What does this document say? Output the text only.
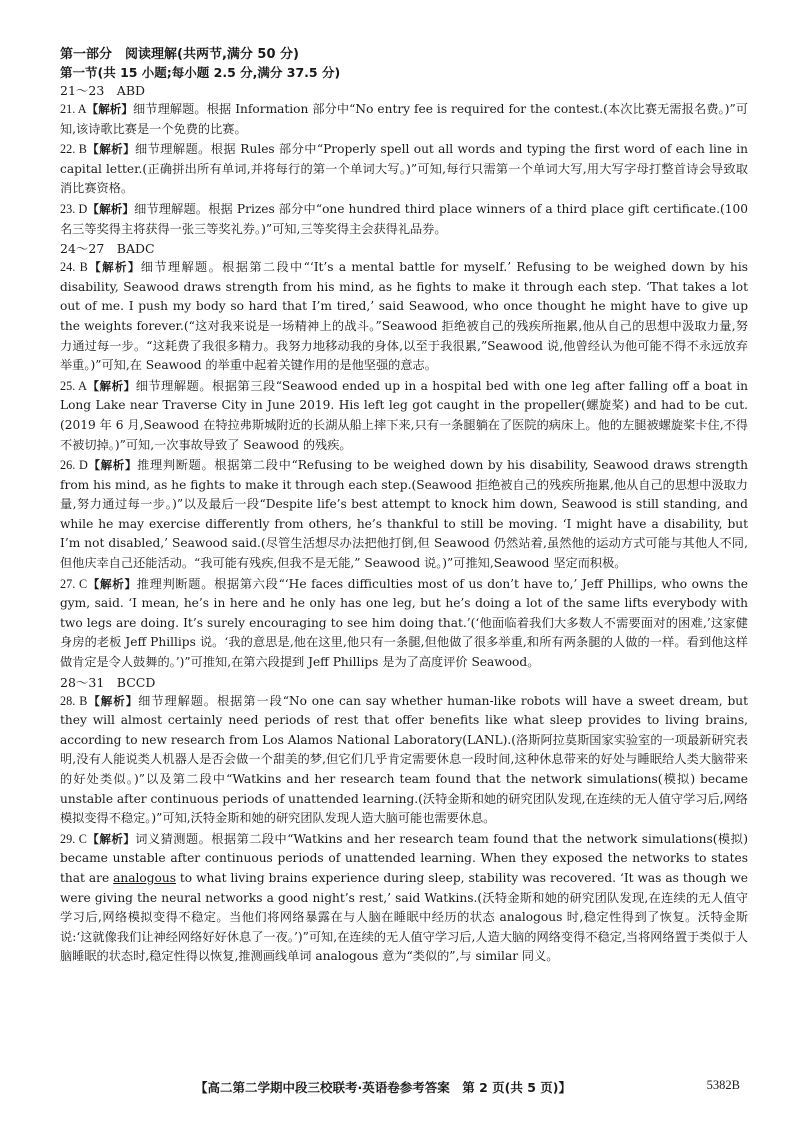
第一部分　阅读理解(共两节,满分 50 分)

第一节(共 15 小题;每小题 2.5 分,满分 37.5 分)

21～23　ABD

21. A【解析】细节理解题。根据 Information 部分中“No entry fee is required for the contest.(本次比赛无需报名费。)”可知,该诗歌比赛是一个免费的比赛。

22. B【解析】细节理解题。根据 Rules 部分中“Properly spell out all words and typing the first word of each line in capital letter.(正确拼出所有单词,并将每行的第一个单词大写。)”可知,每行只需第一个单词大写,用大写字母打整首诗会导致取消比赛资格。

23. D【解析】细节理解题。根据 Prizes 部分中“one hundred third place winners of a third place gift certificate.(100 名三等奖得主将获得一张三等奖礼券。)”可知,三等奖得主会获得礼品券。

24～27　BADC

24. B【解析】细节理解题。根据第二段中“‘It’s a mental battle for myself.’ Refusing to be weighed down by his disability, Seawood draws strength from his mind, as he fights to make it through each step. ‘That takes a lot out of me. I push my body so hard that I’m tired,’ said Seawood, who once thought he might have to give up the weights forever.(“这对我来说是一场精神上的战斗。”Seawood 拒绝被自己的残疾所拖累,他从自己的思想中汲取力量,努力通过每一步。“这耗费了我很多精力。我努力地移动我的身体,以至于我很累,”Seawood 说,他曾经认为他可能不得不永远放弃举重。)”可知,在 Seawood 的举重中起着关键作用的是他坚强的意志。

25. A【解析】细节理解题。根据第三段“Seawood ended up in a hospital bed with one leg after falling off a boat in Long Lake near Traverse City in June 2019. His left leg got caught in the propeller(螺旋桨) and had to be cut.(2019 年 6 月,Seawood 在特拉弗斯城附近的长湖从船上摔下来,只有一条腿躺在了医院的病床上。他的左腿被螺旋桨卡住,不得不被切掉。)”可知,一次事故导致了 Seawood 的残疾。

26. D【解析】推理判断题。根据第二段中“Refusing to be weighed down by his disability, Seawood draws strength from his mind, as he fights to make it through each step.(Seawood 拒绝被自己的残疾所拖累,他从自己的思想中汲取力量,努力通过每一步。)”以及最后一段“Despite life’s best attempt to knock him down, Seawood is still standing, and while he may exercise differently from others, he’s thankful to still be moving. ‘I might have a disability, but I’m not disabled,’ Seawood said.(尽管生活想尽办法把他打倒,但 Seawood 仍然站着,虽然他的运动方式可能与其他人不同,但他庆幸自己还能活动。“我可能有残疾,但我不是无能,” Seawood 说。)”可推知,Seawood 坚定而积极。

27. C【解析】推理判断题。根据第六段“‘He faces difficulties most of us don’t have to,’ Jeff Phillips, who owns the gym, said. ‘I mean, he’s in here and he only has one leg, but he’s doing a lot of the same lifts everybody with two legs are doing. It’s surely encouraging to see him doing that.’(‘他面临着我们大多数人不需要面对的困难,’这家健身房的老板 Jeff Phillips 说。‘我的意思是,他在这里,他只有一条腿,但他做了很多举重,和所有两条腿的人做的一样。看到他这样做肯定是令人鼓舞的。’)”可推知,在第六段提到 Jeff Phillips 是为了高度评价 Seawood。

28～31　BCCD

28. B【解析】细节理解题。根据第一段“No one can say whether human-like robots will have a sweet dream, but they will almost certainly need periods of rest that offer benefits like what sleep provides to living brains, according to new research from Los Alamos National Laboratory(LANL).(洛斯阿拉莫斯国家实验室的一项最新研究表明,没有人能说类人机器人是否会做一个甜美的梦,但它们几乎肯定需要休息一段时间,这种休息带来的好处与睡眠给人类大脑带来的好处类似。)”以及第二段中“Watkins and her research team found that the network simulations(模拟) became unstable after continuous periods of unattended learning.(沃特金斯和她的研究团队发现,在连续的无人值守学习后,网络模拟变得不稳定。)”可知,沃特金斯和她的研究团队发现人造大脑可能也需要休息。

29. C【解析】词义猜测题。根据第二段中“Watkins and her research team found that the network simulations(模拟) became unstable after continuous periods of unattended learning. When they exposed the networks to states that are analogous to what living brains experience during sleep, stability was recovered. ‘It was as though we were giving the neural networks a good night’s rest,’ said Watkins.(沃特金斯和她的研究团队发现,在连续的无人值守学习后,网络模拟变得不稳定。当他们将网络暴露在与人脑在睡眠中经历的状态 analogous 时,稳定性得到了恢复。沃特金斯说:‘这就像我们让神经网络好好休息了一夜。’)”可知,在连续的无人值守学习后,人造大脑的网络变得不稳定,当将网络置于类似于人脑睡眠的状态时,稳定性得以恢复,推测画线单词 analogous 意为“类似的”,与 similar 同义。

【高二第二学期中段三校联考·英语卷参考答案　第 2 页(共 5 页)】	5382B
